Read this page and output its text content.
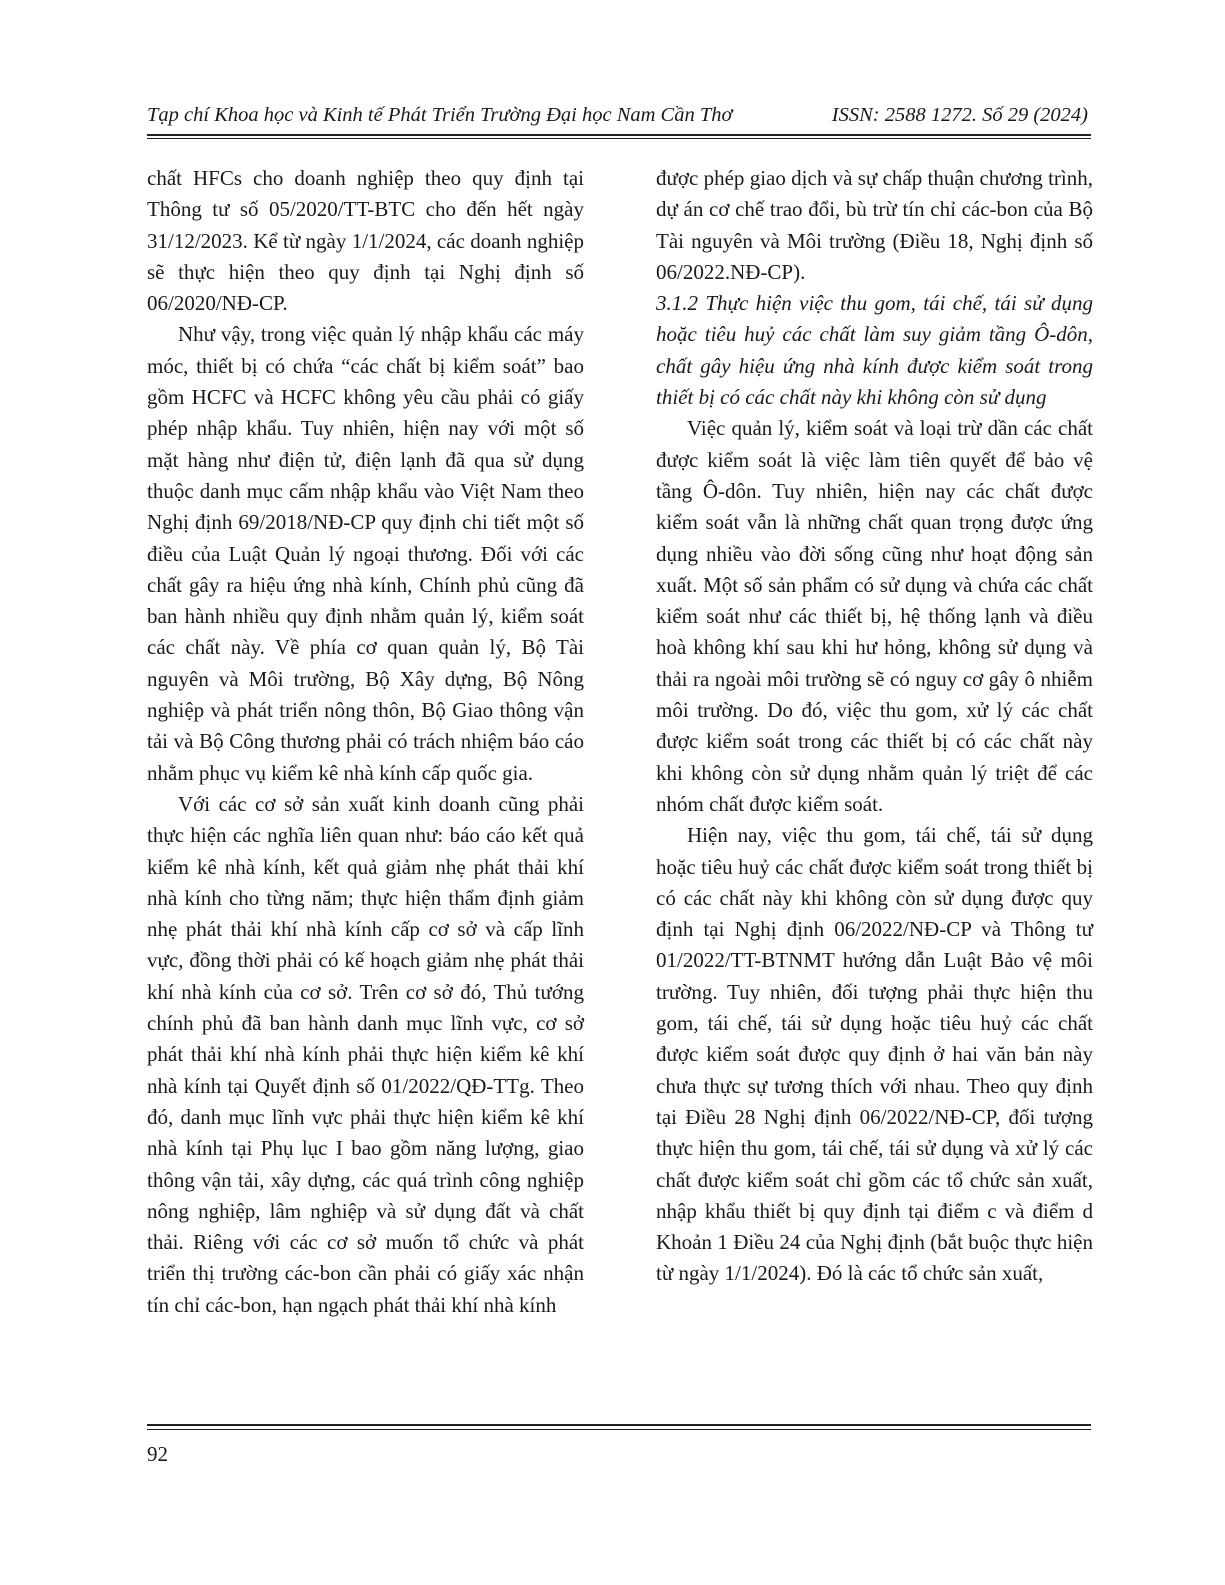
Tạp chí Khoa học và Kinh tế Phát Triển Trường Đại học Nam Cần Thơ	ISSN: 2588 1272. Số 29 (2024)

chất HFCs cho doanh nghiệp theo quy định tại Thông tư số 05/2020/TT-BTC cho đến hết ngày 31/12/2023. Kể từ ngày 1/1/2024, các doanh nghiệp sẽ thực hiện theo quy định tại Nghị định số 06/2020/NĐ-CP.

Như vậy, trong việc quản lý nhập khẩu các máy móc, thiết bị có chứa “các chất bị kiểm soát” bao gồm HCFC và HCFC không yêu cầu phải có giấy phép nhập khẩu. Tuy nhiên, hiện nay với một số mặt hàng như điện tử, điện lạnh đã qua sử dụng thuộc danh mục cấm nhập khẩu vào Việt Nam theo Nghị định 69/2018/NĐ-CP quy định chi tiết một số điều của Luật Quản lý ngoại thương. Đối với các chất gây ra hiệu ứng nhà kính, Chính phủ cũng đã ban hành nhiều quy định nhằm quản lý, kiểm soát các chất này. Về phía cơ quan quản lý, Bộ Tài nguyên và Môi trường, Bộ Xây dựng, Bộ Nông nghiệp và phát triển nông thôn, Bộ Giao thông vận tải và Bộ Công thương phải có trách nhiệm báo cáo nhằm phục vụ kiểm kê nhà kính cấp quốc gia.

Với các cơ sở sản xuất kinh doanh cũng phải thực hiện các nghĩa liên quan như: báo cáo kết quả kiểm kê nhà kính, kết quả giảm nhẹ phát thải khí nhà kính cho từng năm; thực hiện thẩm định giảm nhẹ phát thải khí nhà kính cấp cơ sở và cấp lĩnh vực, đồng thời phải có kế hoạch giảm nhẹ phát thải khí nhà kính của cơ sở. Trên cơ sở đó, Thủ tướng chính phủ đã ban hành danh mục lĩnh vực, cơ sở phát thải khí nhà kính phải thực hiện kiểm kê khí nhà kính tại Quyết định số 01/2022/QĐ-TTg. Theo đó, danh mục lĩnh vực phải thực hiện kiểm kê khí nhà kính tại Phụ lục I bao gồm năng lượng, giao thông vận tải, xây dựng, các quá trình công nghiệp nông nghiệp, lâm nghiệp và sử dụng đất và chất thải. Riêng với các cơ sở muốn tổ chức và phát triển thị trường các-bon cần phải có giấy xác nhận tín chỉ các-bon, hạn ngạch phát thải khí nhà kính

được phép giao dịch và sự chấp thuận chương trình, dự án cơ chế trao đổi, bù trừ tín chỉ các-bon của Bộ Tài nguyên và Môi trường (Điều 18, Nghị định số 06/2022.NĐ-CP).

3.1.2 Thực hiện việc thu gom, tái chế, tái sử dụng hoặc tiêu huỷ các chất làm suy giảm tầng Ô-dôn, chất gây hiệu ứng nhà kính được kiểm soát trong thiết bị có các chất này khi không còn sử dụng

Việc quản lý, kiểm soát và loại trừ dần các chất được kiểm soát là việc làm tiên quyết để bảo vệ tầng Ô-dôn. Tuy nhiên, hiện nay các chất được kiểm soát vẫn là những chất quan trọng được ứng dụng nhiều vào đời sống cũng như hoạt động sản xuất. Một số sản phẩm có sử dụng và chứa các chất kiểm soát như các thiết bị, hệ thống lạnh và điều hoà không khí sau khi hư hỏng, không sử dụng và thải ra ngoài môi trường sẽ có nguy cơ gây ô nhiễm môi trường. Do đó, việc thu gom, xử lý các chất được kiểm soát trong các thiết bị có các chất này khi không còn sử dụng nhằm quản lý triệt để các nhóm chất được kiểm soát.

Hiện nay, việc thu gom, tái chế, tái sử dụng hoặc tiêu huỷ các chất được kiểm soát trong thiết bị có các chất này khi không còn sử dụng được quy định tại Nghị định 06/2022/NĐ-CP và Thông tư 01/2022/TT-BTNMT hướng dẫn Luật Bảo vệ môi trường. Tuy nhiên, đối tượng phải thực hiện thu gom, tái chế, tái sử dụng hoặc tiêu huỷ các chất được kiểm soát được quy định ở hai văn bản này chưa thực sự tương thích với nhau. Theo quy định tại Điều 28 Nghị định 06/2022/NĐ-CP, đối tượng thực hiện thu gom, tái chế, tái sử dụng và xử lý các chất được kiểm soát chỉ gồm các tổ chức sản xuất, nhập khẩu thiết bị quy định tại điểm c và điểm d Khoản 1 Điều 24 của Nghị định (bắt buộc thực hiện từ ngày 1/1/2024). Đó là các tổ chức sản xuất,

92
